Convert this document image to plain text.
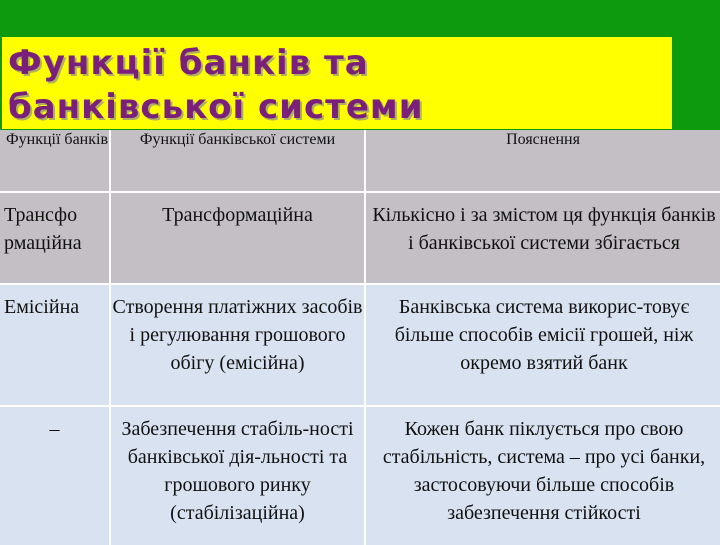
Функції банків та
банківської системи
Функції банків	Функції банківської системи	Пояснення

Трансфо рмаційна	Трансформаційна	Кількісно і за змістом ця функція банків і банківської системи збігається

Емісійна	Створення платіжних засобів і регулювання грошового обігу (емісійна)	Банківська система викорис-товує більше способів емісії грошей, ніж окремо взятий банк

–	Забезпечення стабіль-ності банківської дія-льності та грошового ринку (стабілізаційна)	Кожен банк піклується про свою стабільність, система – про усі банки, застосовуючи більше способів забезпечення стійкості
